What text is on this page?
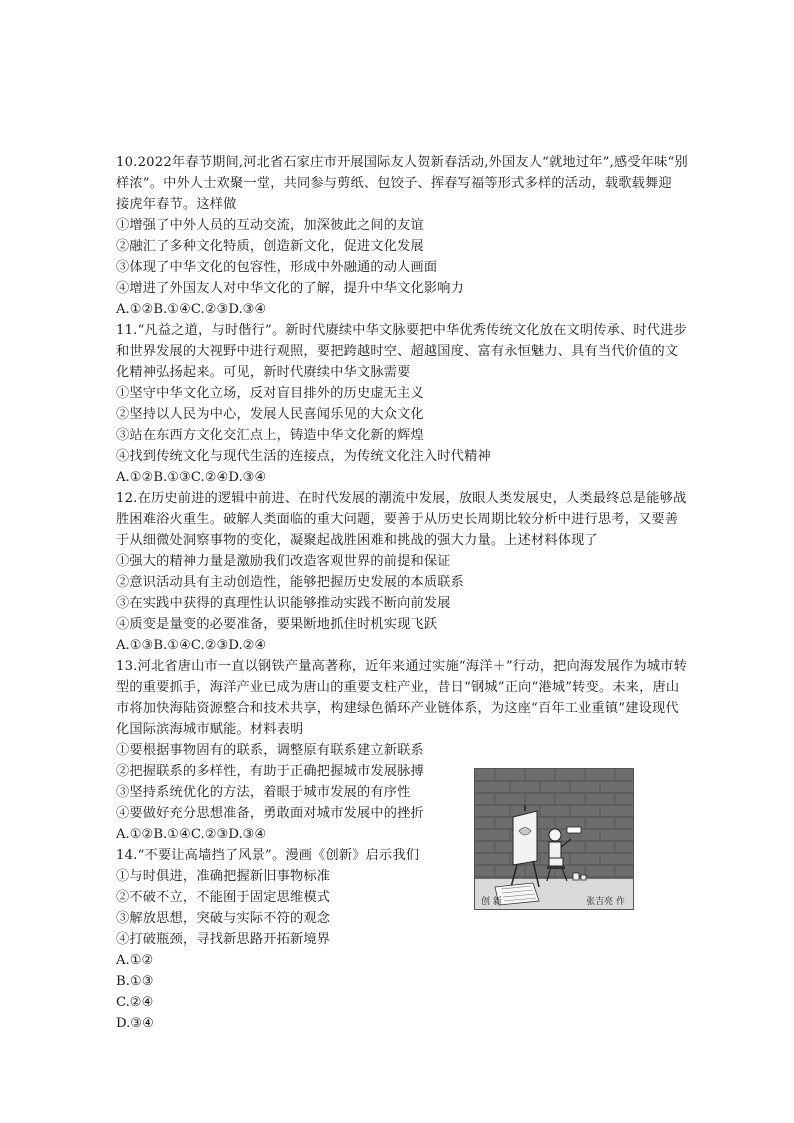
10.2022年春节期间,河北省石家庄市开展国际友人贺新春活动,外国友人“就地过年”,感受年味“别
样浓”。中外人士欢聚一堂，共同参与剪纸、包饺子、挥春写福等形式多样的活动，载歌载舞迎
接虎年春节。这样做
①增强了中外人员的互动交流，加深彼此之间的友谊
②融汇了多种文化特质，创造新文化，促进文化发展
③体现了中华文化的包容性，形成中外融通的动人画面
④增进了外国友人对中华文化的了解，提升中华文化影响力
A.①②B.①④C.②③D.③④
11.“凡益之道，与时偕行”。新时代赓续中华文脉要把中华优秀传统文化放在文明传承、时代进步
和世界发展的大视野中进行观照，要把跨越时空、超越国度、富有永恒魅力、具有当代价值的文
化精神弘扬起来。可见，新时代赓续中华文脉需要
①坚守中华文化立场，反对盲目排外的历史虚无主义
②坚持以人民为中心，发展人民喜闻乐见的大众文化
③站在东西方文化交汇点上，铸造中华文化新的辉煌
④找到传统文化与现代生活的连接点，为传统文化注入时代精神
A.①②B.①③C.②④D.③④
12.在历史前进的逻辑中前进、在时代发展的潮流中发展，放眼人类发展史，人类最终总是能够战
胜困难浴火重生。破解人类面临的重大问题，要善于从历史长周期比较分析中进行思考，又要善
于从细微处洞察事物的变化，凝聚起战胜困难和挑战的强大力量。上述材料体现了
①强大的精神力量是激励我们改造客观世界的前提和保证
②意识活动具有主动创造性，能够把握历史发展的本质联系
③在实践中获得的真理性认识能够推动实践不断向前发展
④质变是量变的必要准备，要果断地抓住时机实现飞跃
A.①③B.①④C.②③D.②④
13.河北省唐山市一直以钢铁产量高著称，近年来通过实施“海洋＋”行动，把向海发展作为城市转
型的重要抓手，海洋产业已成为唐山的重要支柱产业，昔日“钢城”正向“港城”转变。未来，唐山
市将加快海陆资源整合和技术共享，构建绿色循环产业链体系，为这座“百年工业重镇”建设现代
化国际滨海城市赋能。材料表明
①要根据事物固有的联系，调整原有联系建立新联系
②把握联系的多样性，有助于正确把握城市发展脉搏
③坚持系统优化的方法，着眼于城市发展的有序性
④要做好充分思想准备，勇敢面对城市发展中的挫折
A.①②B.①④C.②③D.③④
14.“不要让高墙挡了风景”。漫画《创新》启示我们
①与时俱进，准确把握新旧事物标准
②不破不立，不能囿于固定思维模式
③解放思想，突破与实际不符的观念
④打破瓶颈，寻找新思路开拓新境界
A.①②
B.①③
C.②④
D.③④
创 新	张吉亮 作
